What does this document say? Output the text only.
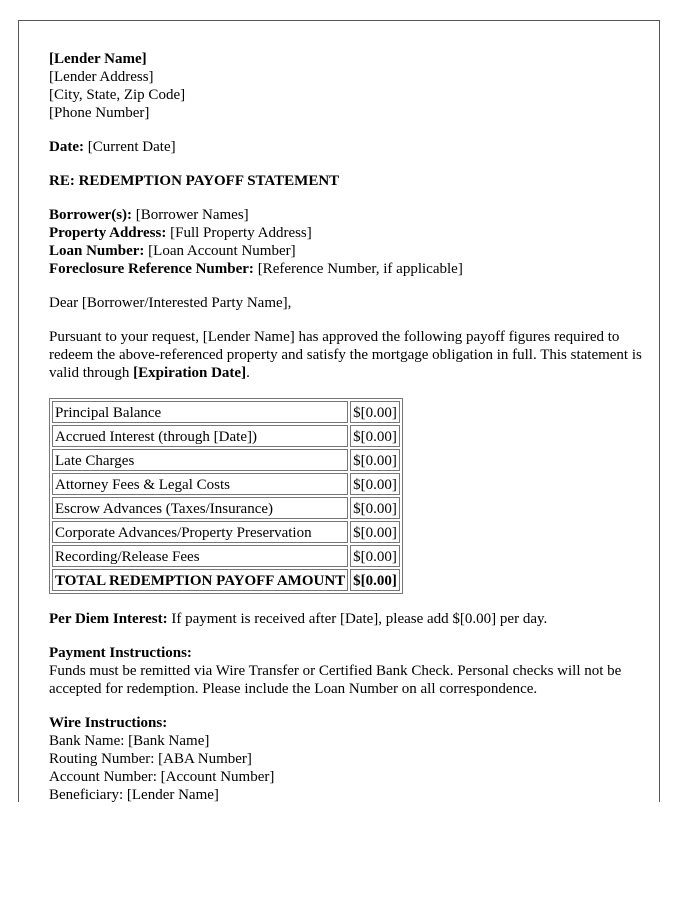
[Lender Name]
[Lender Address]
[City, State, Zip Code]
[Phone Number]
Date: [Current Date]
RE: REDEMPTION PAYOFF STATEMENT
Borrower(s): [Borrower Names]
Property Address: [Full Property Address]
Loan Number: [Loan Account Number]
Foreclosure Reference Number: [Reference Number, if applicable]

Dear [Borrower/Interested Party Name],

Pursuant to your request, [Lender Name] has approved the following payoff figures required to redeem the above-referenced property and satisfy the mortgage obligation in full. This statement is valid through [Expiration Date].

Principal Balance	$[0.00]
Accrued Interest (through [Date])	$[0.00]
Late Charges	$[0.00]
Attorney Fees & Legal Costs	$[0.00]
Escrow Advances (Taxes/Insurance)	$[0.00]
Corporate Advances/Property Preservation	$[0.00]
Recording/Release Fees	$[0.00]
TOTAL REDEMPTION PAYOFF AMOUNT	$[0.00]

Per Diem Interest: If payment is received after [Date], please add $[0.00] per day.

Payment Instructions:
Funds must be remitted via Wire Transfer or Certified Bank Check. Personal checks will not be accepted for redemption. Please include the Loan Number on all correspondence.
Wire Instructions:
Bank Name: [Bank Name]
Routing Number: [ABA Number]
Account Number: [Account Number]
Beneficiary: [Lender Name]
